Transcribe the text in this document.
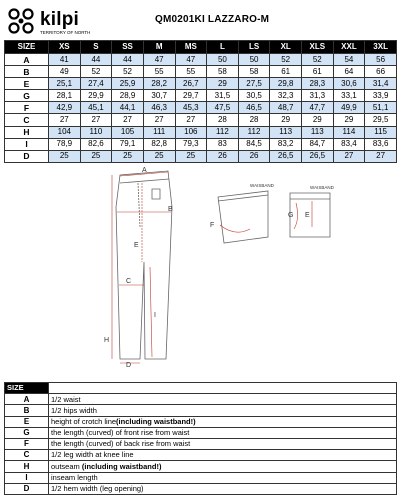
kilpi
TERRITORY OF NORTH
QM0201KI LAZZARO-M
SIZE	XS	S	SS	M	MS	L	LS	XL	XLS	XXL	3XL
A	41	44	44	47	47	50	50	52	52	54	56
B	49	52	52	55	55	58	58	61	61	64	66
E	25,1	27,4	25,9	28,2	26,7	29	27,5	29,8	28,3	30,6	31,4
G	28,1	29,9	28,9	30,7	29,7	31,5	30,5	32,3	31,3	33,1	33,9
F	42,9	45,1	44,1	46,3	45,3	47,5	46,5	48,7	47,7	49,9	51,1
C	27	27	27	27	27	28	28	29	29	29	29,5
H	104	110	105	111	106	112	112	113	113	114	115
I	78,9	82,6	79,1	82,8	79,3	83	84,5	83,2	84,7	83,4	83,6
D	25	25	25	25	25	26	26	26,5	26,5	27	27
A
B
E
C
H
I
D
F
WAISBAND
G E
WAISBAND
SIZE	
A	1/2 waist
B	1/2 hips width
E	height of crotch line(including waistband!)
G	the length (curved) of front rise from waist
F	the length (curved) of back rise from waist
C	1/2 leg width at knee line
H	outseam (including waistband!)
I	inseam length
D	1/2 hem width (leg opening)
